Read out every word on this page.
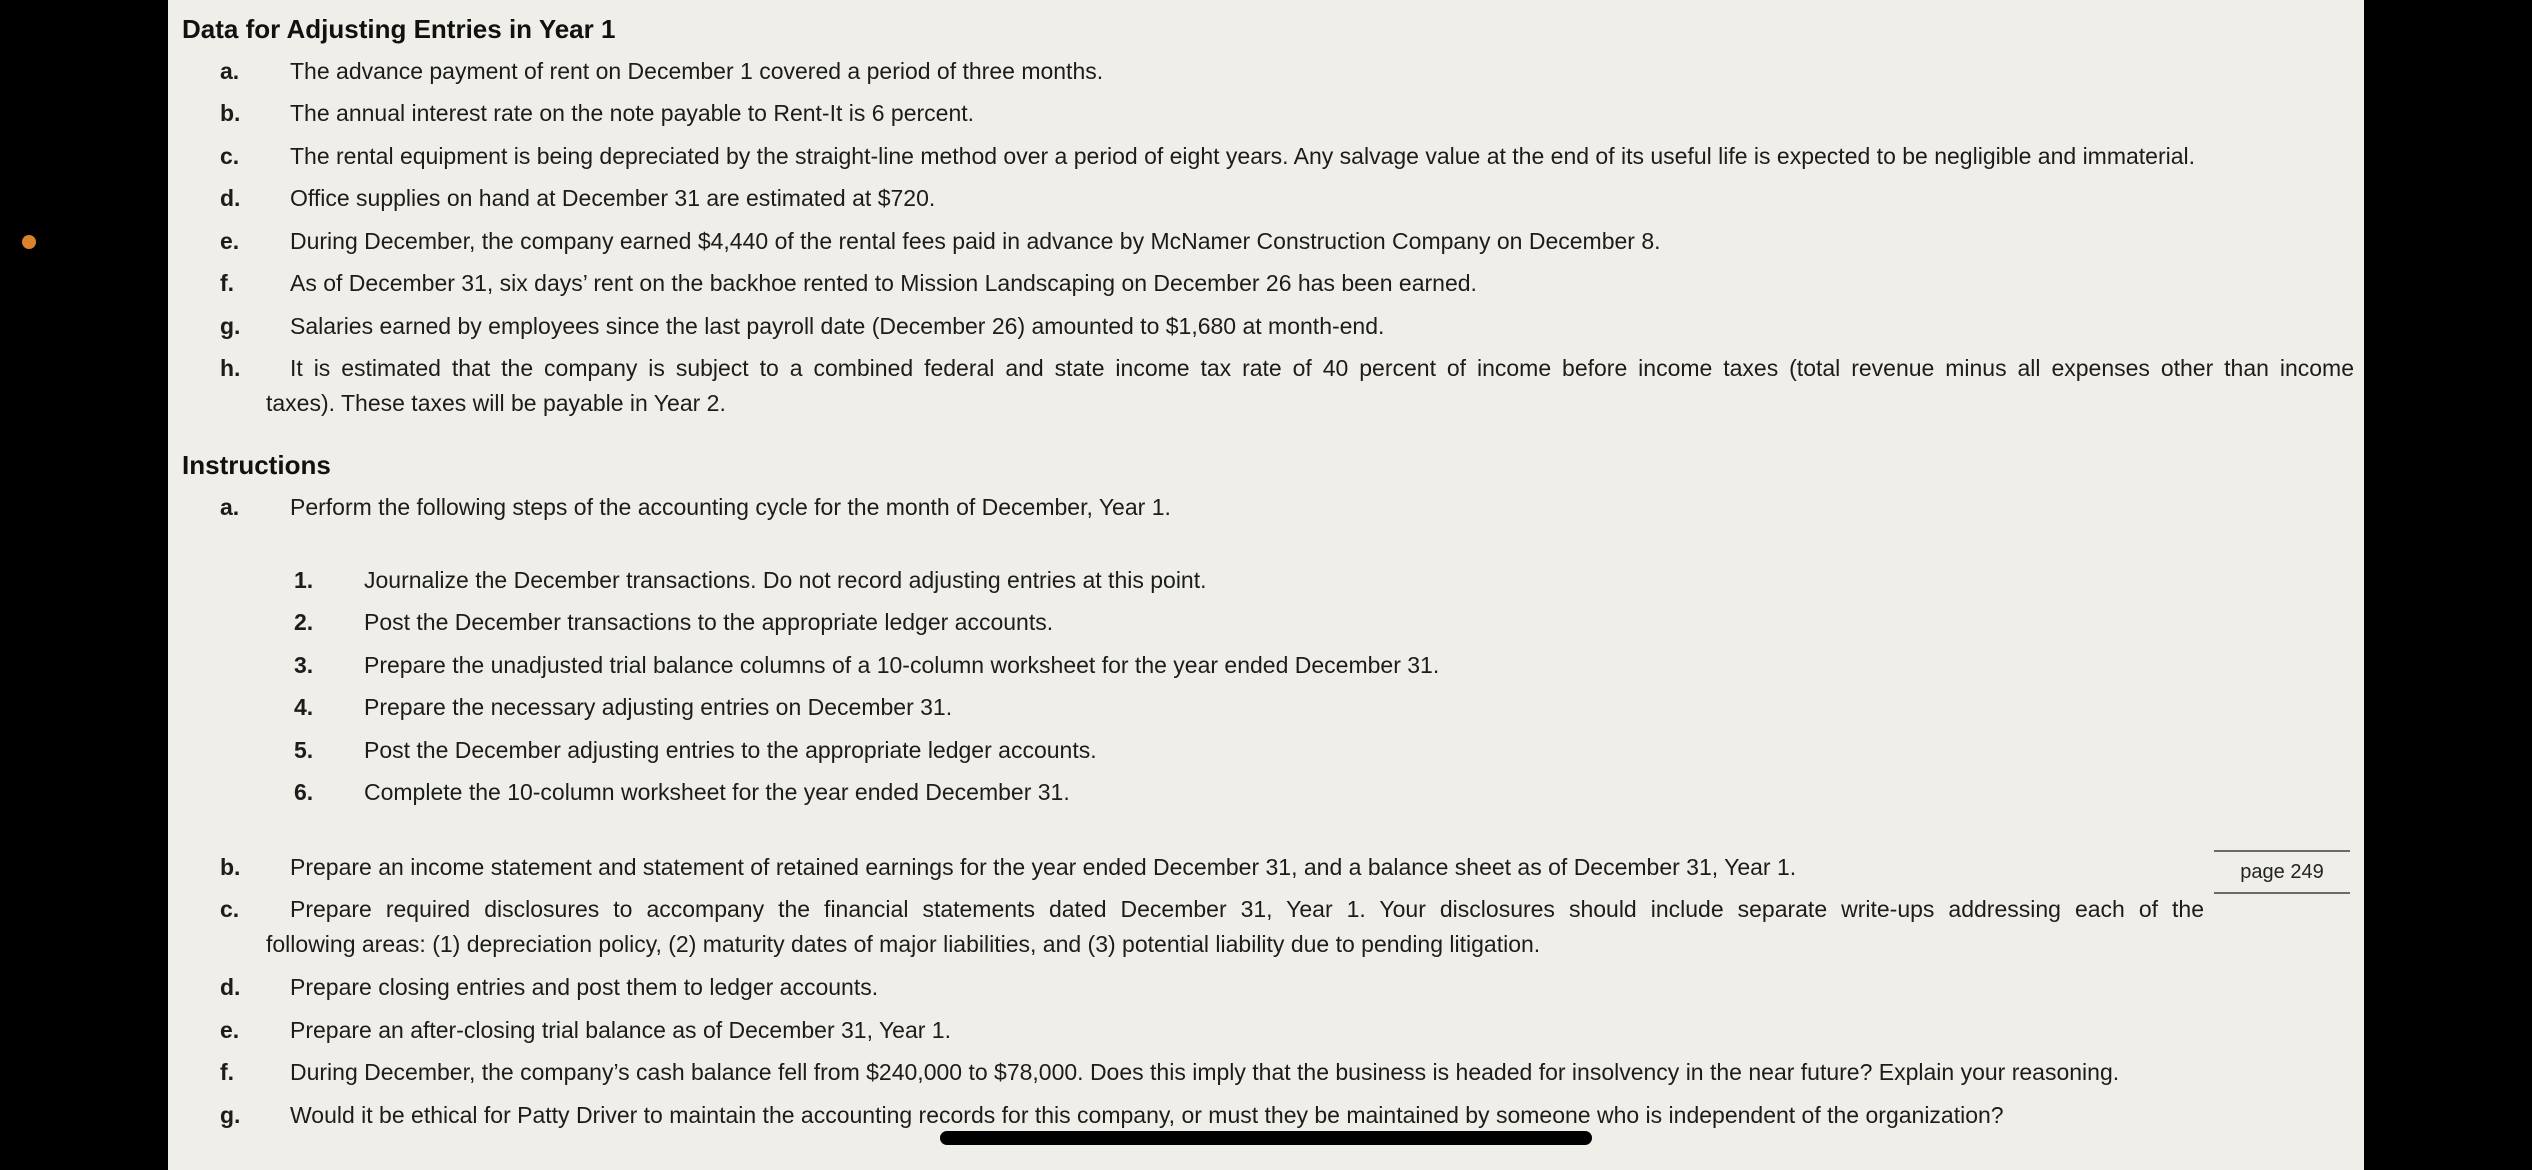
Data for Adjusting Entries in Year 1
a.	The advance payment of rent on December 1 covered a period of three months.
b.	The annual interest rate on the note payable to Rent-It is 6 percent.
c.	The rental equipment is being depreciated by the straight-line method over a period of eight years. Any salvage value at the end of its useful life is expected to be negligible and immaterial.
d.	Office supplies on hand at December 31 are estimated at $720.
e.	During December, the company earned $4,440 of the rental fees paid in advance by McNamer Construction Company on December 8.
f.	As of December 31, six days’ rent on the backhoe rented to Mission Landscaping on December 26 has been earned.
g.	Salaries earned by employees since the last payroll date (December 26) amounted to $1,680 at month-end.
h.	It is estimated that the company is subject to a combined federal and state income tax rate of 40 percent of income before income taxes (total revenue minus all expenses other than income
taxes). These taxes will be payable in Year 2.
Instructions
a.	Perform the following steps of the accounting cycle for the month of December, Year 1.
1.	Journalize the December transactions. Do not record adjusting entries at this point.
2.	Post the December transactions to the appropriate ledger accounts.
3.	Prepare the unadjusted trial balance columns of a 10-column worksheet for the year ended December 31.
4.	Prepare the necessary adjusting entries on December 31.
5.	Post the December adjusting entries to the appropriate ledger accounts.
6.	Complete the 10-column worksheet for the year ended December 31.
b.	Prepare an income statement and statement of retained earnings for the year ended December 31, and a balance sheet as of December 31, Year 1.
c.	Prepare required disclosures to accompany the financial statements dated December 31, Year 1. Your disclosures should include separate write-ups addressing each of the
following areas: (1) depreciation policy, (2) maturity dates of major liabilities, and (3) potential liability due to pending litigation.
d.	Prepare closing entries and post them to ledger accounts.
e.	Prepare an after-closing trial balance as of December 31, Year 1.
f.	During December, the company’s cash balance fell from $240,000 to $78,000. Does this imply that the business is headed for insolvency in the near future? Explain your reasoning.
g.	Would it be ethical for Patty Driver to maintain the accounting records for this company, or must they be maintained by someone who is independent of the organization?
page 249
